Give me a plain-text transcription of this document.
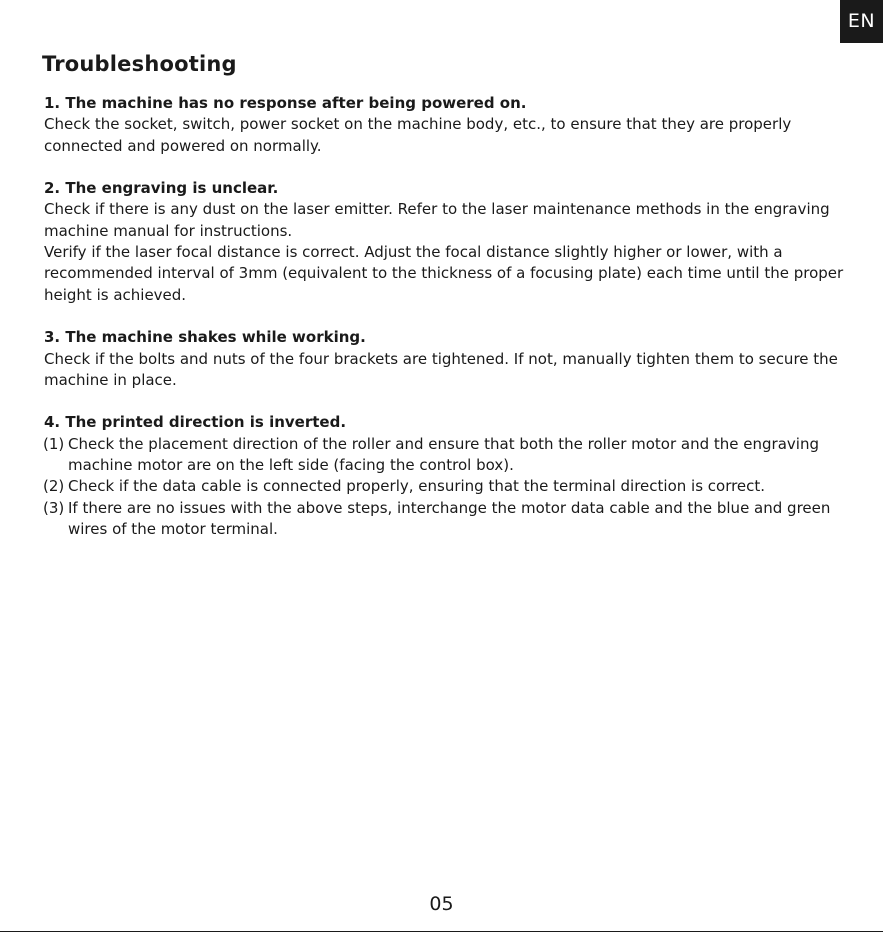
EN
Troubleshooting

1. The machine has no response after being powered on.

Check the socket, switch, power socket on the machine body, etc., to ensure that they are properly connected and powered on normally.

2. The engraving is unclear.

Check if there is any dust on the laser emitter. Refer to the laser maintenance methods in the engraving machine manual for instructions.

Verify if the laser focal distance is correct. Adjust the focal distance slightly higher or lower, with a recommended interval of 3mm (equivalent to the thickness of a focusing plate) each time until the proper height is achieved.

3. The machine shakes while working.

Check if the bolts and nuts of the four brackets are tightened. If not, manually tighten them to secure the machine in place.

4. The printed direction is inverted.

(1) Check the placement direction of the roller and ensure that both the roller motor and the engraving machine motor are on the left side (facing the control box).
(2) Check if the data cable is connected properly, ensuring that the terminal direction is correct.
(3) If there are no issues with the above steps, interchange the motor data cable and the blue and green wires of the motor terminal.
05
